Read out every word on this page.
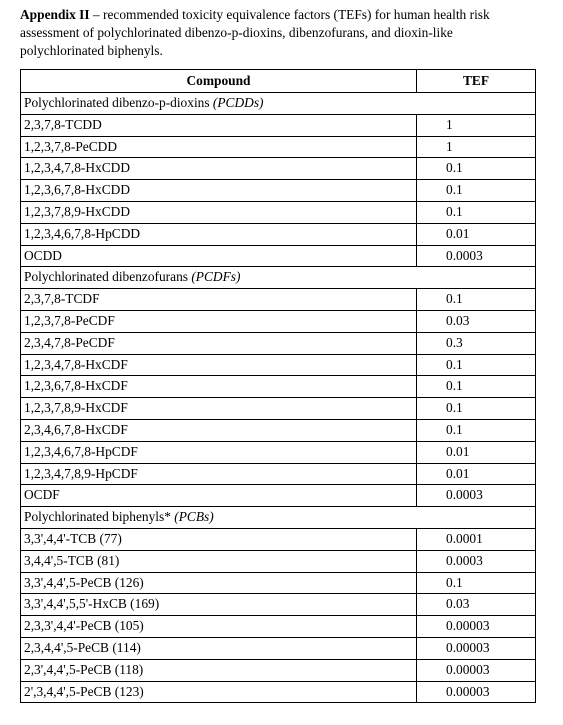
Appendix II – recommended toxicity equivalence factors (TEFs) for human health risk assessment of polychlorinated dibenzo-p-dioxins, dibenzofurans, and dioxin-like polychlorinated biphenyls.
Compound	TEF
Polychlorinated dibenzo-p-dioxins (PCDDs)	
2,3,7,8-TCDD	1
1,2,3,7,8-PeCDD	1
1,2,3,4,7,8-HxCDD	0.1
1,2,3,6,7,8-HxCDD	0.1
1,2,3,7,8,9-HxCDD	0.1
1,2,3,4,6,7,8-HpCDD	0.01
OCDD	0.0003
Polychlorinated dibenzofurans (PCDFs)	
2,3,7,8-TCDF	0.1
1,2,3,7,8-PeCDF	0.03
2,3,4,7,8-PeCDF	0.3
1,2,3,4,7,8-HxCDF	0.1
1,2,3,6,7,8-HxCDF	0.1
1,2,3,7,8,9-HxCDF	0.1
2,3,4,6,7,8-HxCDF	0.1
1,2,3,4,6,7,8-HpCDF	0.01
1,2,3,4,7,8,9-HpCDF	0.01
OCDF	0.0003
Polychlorinated biphenyls* (PCBs)	
3,3',4,4'-TCB (77)	0.0001
3,4,4',5-TCB (81)	0.0003
3,3',4,4',5-PeCB (126)	0.1
3,3',4,4',5,5'-HxCB (169)	0.03
2,3,3',4,4'-PeCB (105)	0.00003
2,3,4,4',5-PeCB (114)	0.00003
2,3',4,4',5-PeCB (118)	0.00003
2',3,4,4',5-PeCB (123)	0.00003
